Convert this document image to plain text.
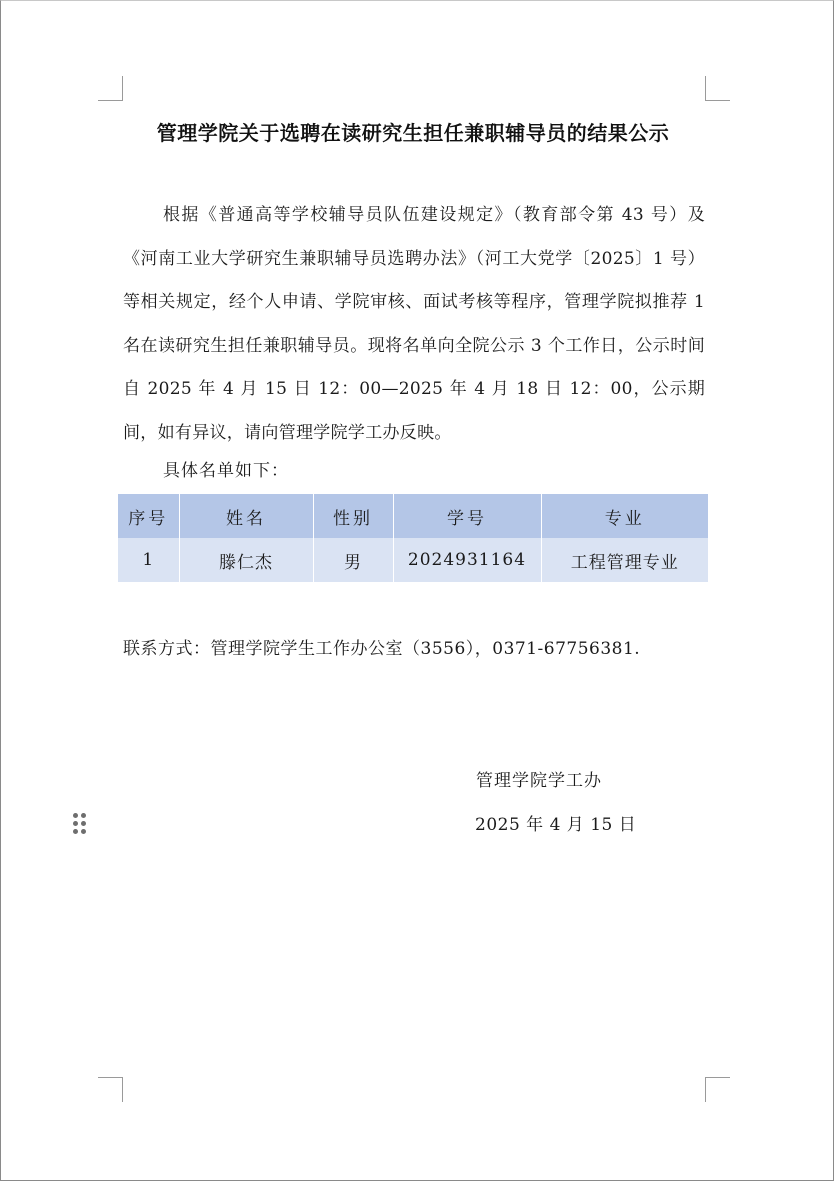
管理学院关于选聘在读研究生担任兼职辅导员的结果公示
根据《普通高等学校辅导员队伍建设规定》（教育部令第 43 号）及《河南工业大学研究生兼职辅导员选聘办法》（河工大党学〔2025〕1 号）等相关规定，经个人申请、学院审核、面试考核等程序，管理学院拟推荐 1 名在读研究生担任兼职辅导员。现将名单向全院公示 3 个工作日，公示时间自 2025 年 4 月 15 日 12：00—2025 年 4 月 18 日 12：00，公示期间，如有异议，请向管理学院学工办反映。
具体名单如下：
序号	姓名	性别	学号	专业
1	滕仁杰	男	2024931164	工程管理专业
联系方式：管理学院学生工作办公室（3556），0371-67756381.
管理学院学工办
2025 年 4 月 15 日
